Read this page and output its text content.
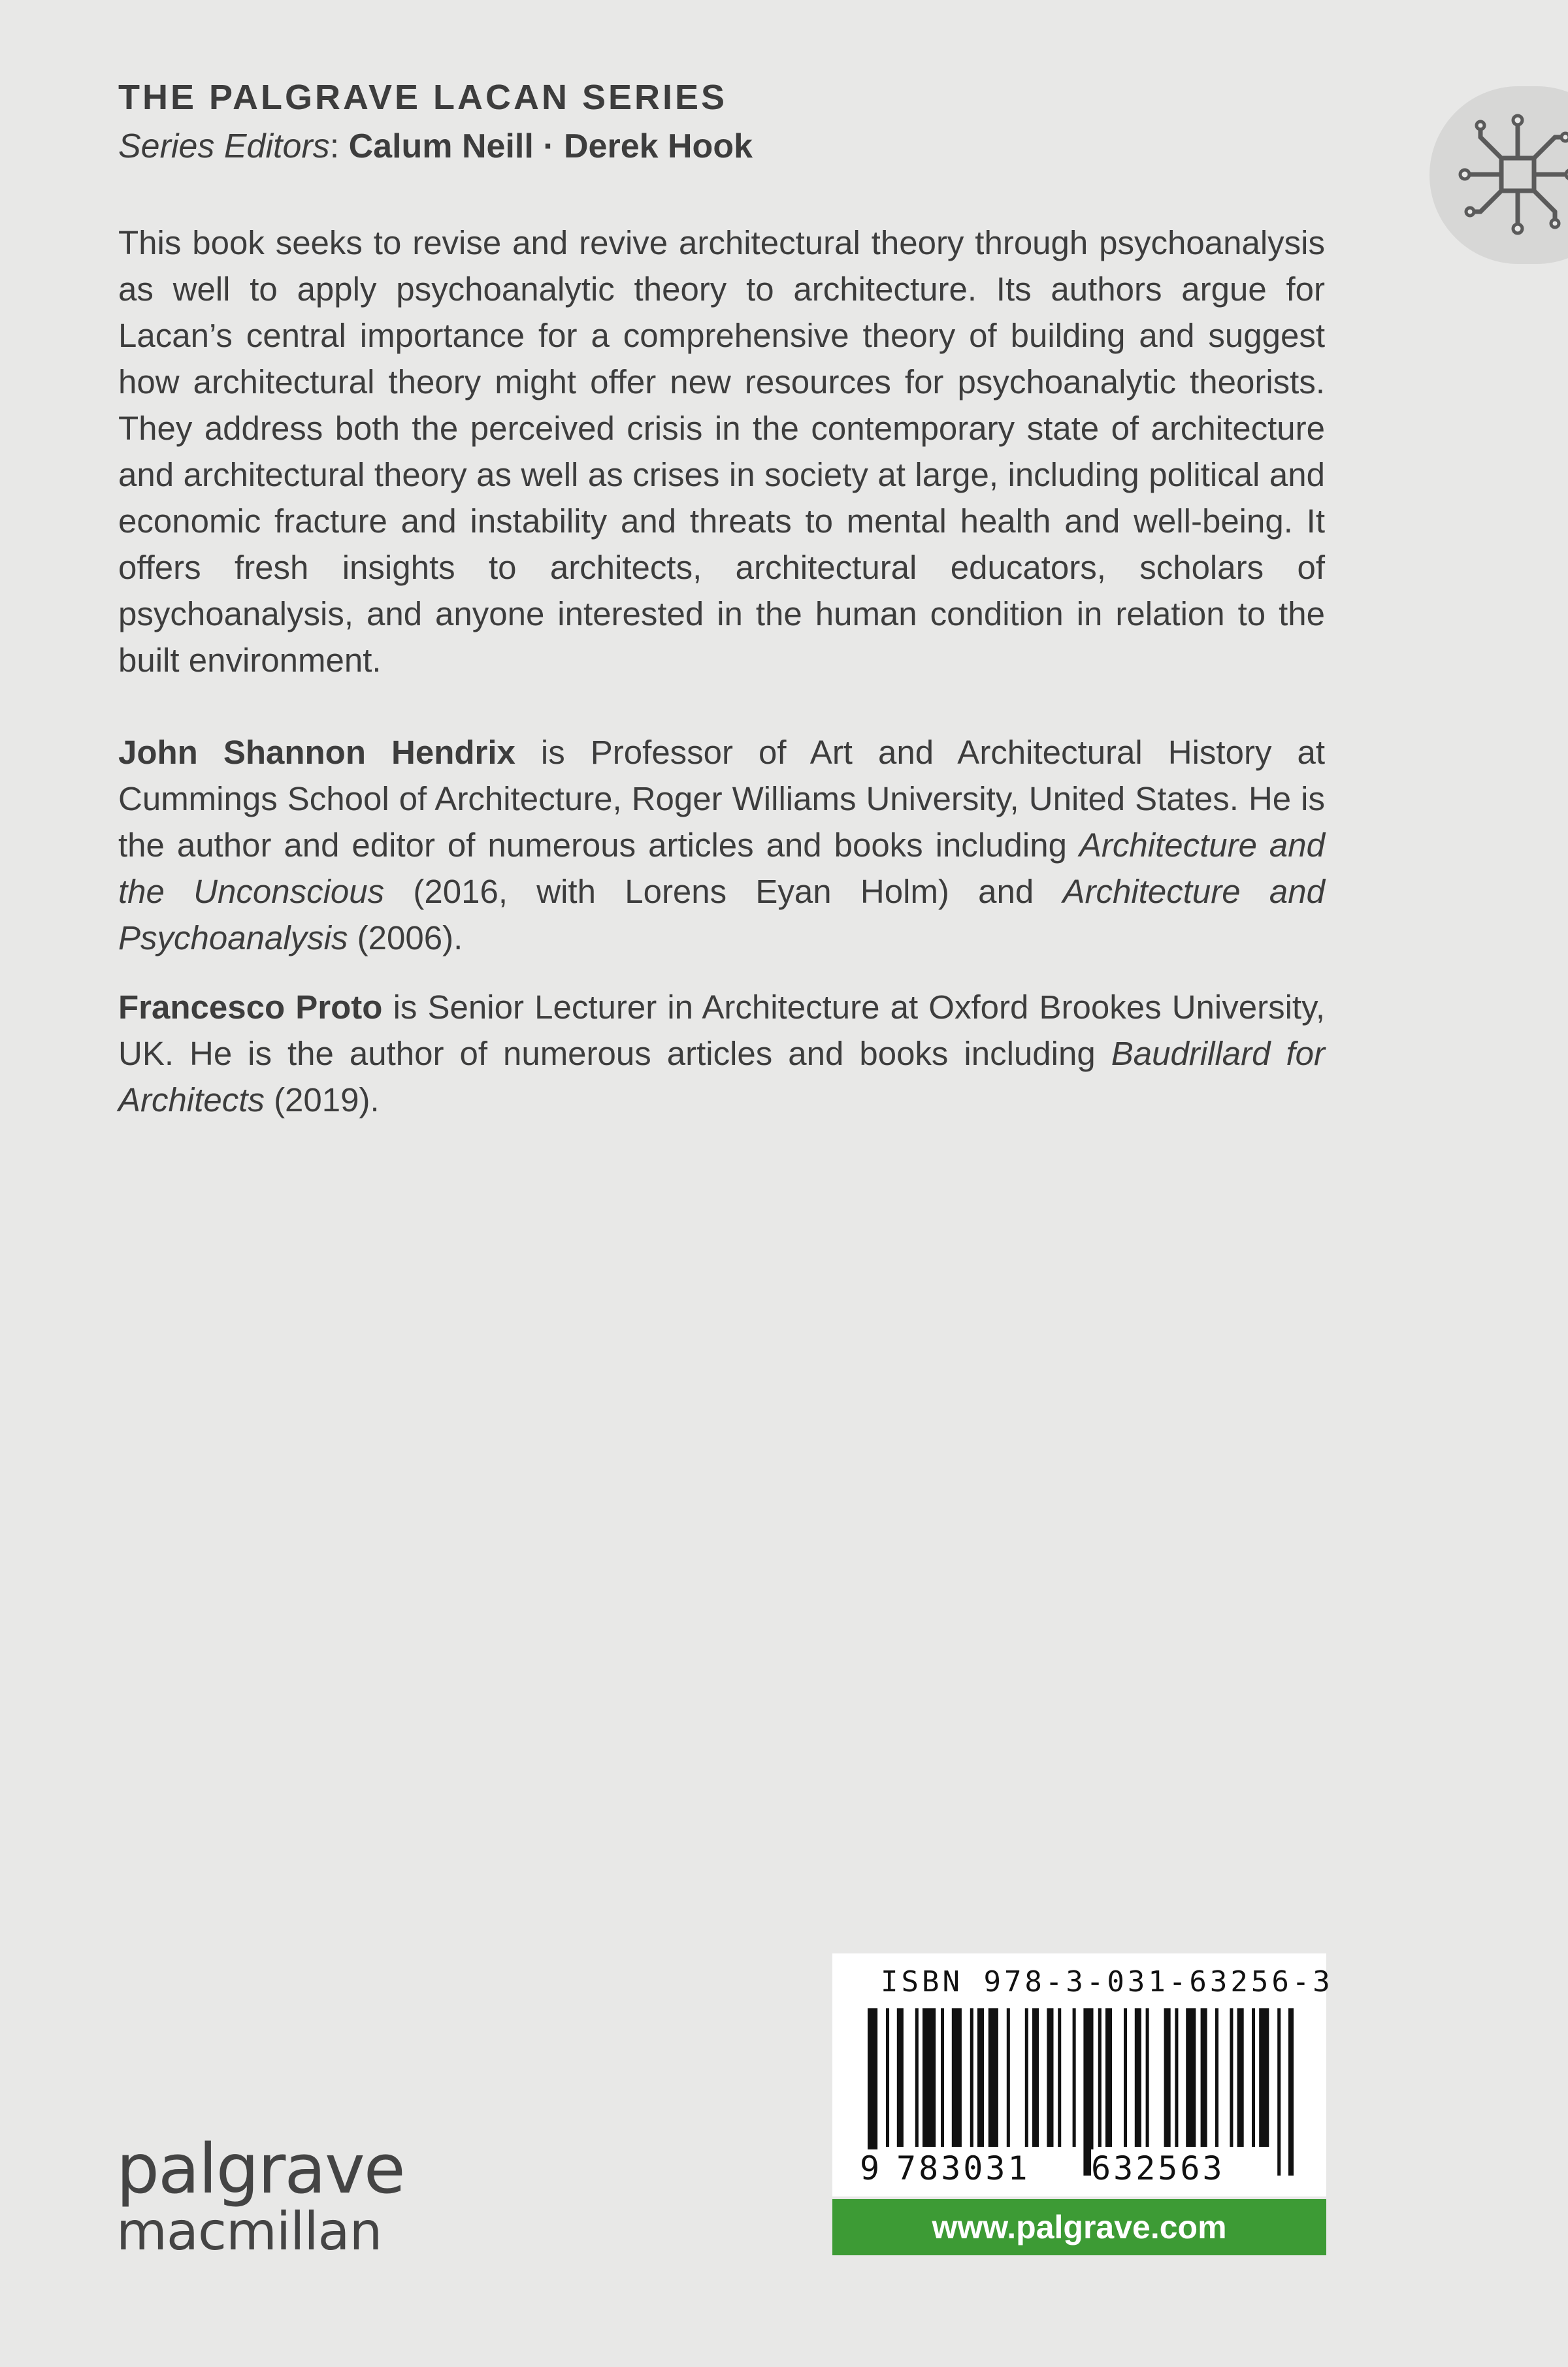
THE PALGRAVE LACAN SERIES
Series Editors: Calum Neill · Derek Hook

This book seeks to revise and revive architectural theory through psychoanalysis as well to apply psychoanalytic theory to architecture. Its authors argue for Lacan’s central importance for a comprehensive theory of building and suggest how architectural theory might offer new resources for psychoanalytic theorists. They address both the perceived crisis in the contemporary state of architecture and architectural theory as well as crises in society at large, including political and economic fracture and instability and threats to mental health and well-being. It offers fresh insights to architects, architectural educators, scholars of psychoanalysis, and anyone interested in the human condition in relation to the built environment.

John Shannon Hendrix is Professor of Art and Architectural History at Cummings School of Architecture, Roger Williams University, United States. He is the author and editor of numerous articles and books including Architecture and the Unconscious (2016, with Lorens Eyan Holm) and Architecture and Psychoanalysis (2006).

Francesco Proto is Senior Lecturer in Architecture at Oxford Brookes University, UK. He is the author of numerous articles and books including Baudrillard for Architects (2019).

palgrave
macmillan
ISBN 978-3-031-63256-3
9 783031 632563
www.palgrave.com
